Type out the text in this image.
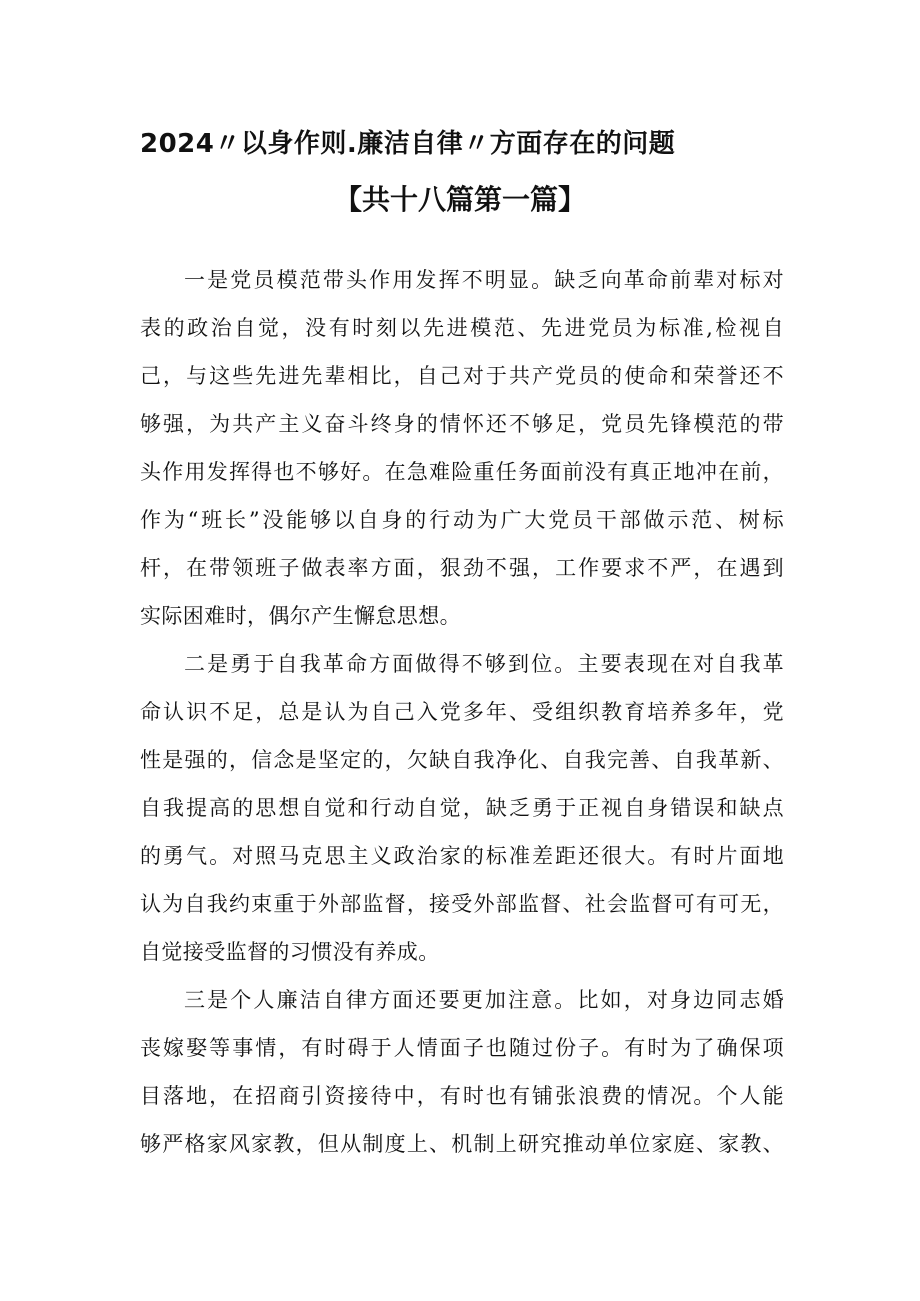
2024〃以身作则.廉洁自律〃方面存在的问题
【共十八篇第一篇】
一是党员模范带头作用发挥不明显。缺乏向革命前辈对标对
表的政治自觉，没有时刻以先进模范、先进党员为标准,检视自
己，与这些先进先辈相比，自己对于共产党员的使命和荣誉还不
够强，为共产主义奋斗终身的情怀还不够足，党员先锋模范的带
头作用发挥得也不够好。在急难险重任务面前没有真正地冲在前，
作为“班长”没能够以自身的行动为广大党员干部做示范、树标
杆，在带领班子做表率方面，狠劲不强，工作要求不严，在遇到
实际困难时，偶尔产生懈怠思想。
二是勇于自我革命方面做得不够到位。主要表现在对自我革
命认识不足，总是认为自己入党多年、受组织教育培养多年，党
性是强的，信念是坚定的，欠缺自我净化、自我完善、自我革新、
自我提高的思想自觉和行动自觉，缺乏勇于正视自身错误和缺点
的勇气。对照马克思主义政治家的标准差距还很大。有时片面地
认为自我约束重于外部监督，接受外部监督、社会监督可有可无，
自觉接受监督的习惯没有养成。
三是个人廉洁自律方面还要更加注意。比如，对身边同志婚
丧嫁娶等事情，有时碍于人情面子也随过份子。有时为了确保项
目落地，在招商引资接待中，有时也有铺张浪费的情况。个人能
够严格家风家教，但从制度上、机制上研究推动单位家庭、家教、
